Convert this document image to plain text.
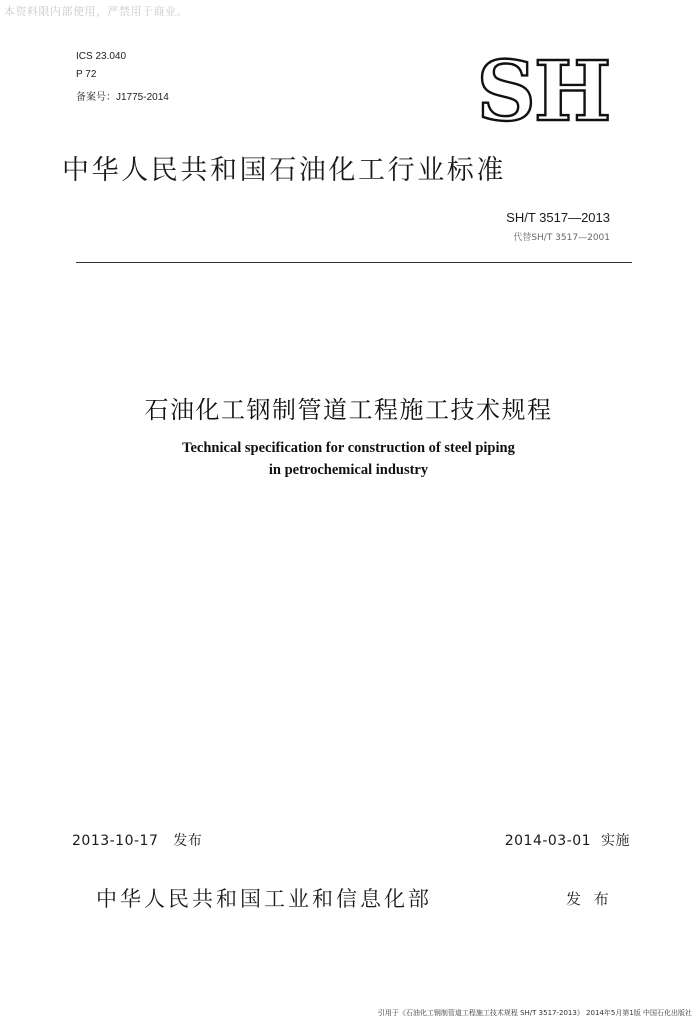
本资料限内部使用，严禁用于商业。
ICS 23.040
P 72
备案号：J1775-2014	SH
中华人民共和国石油化工行业标准
SH/T 3517—2013
代替SH/T 3517—2001
石油化工钢制管道工程施工技术规程
Technical specification for construction of steel piping
in petrochemical industry
2013-10-17 发布	2014-03-01 实施
中华人民共和国工业和信息化部	发 布
引用于《石油化工钢制管道工程施工技术规程 SH/T 3517-2013》 2014年5月第1版 中国石化出版社
